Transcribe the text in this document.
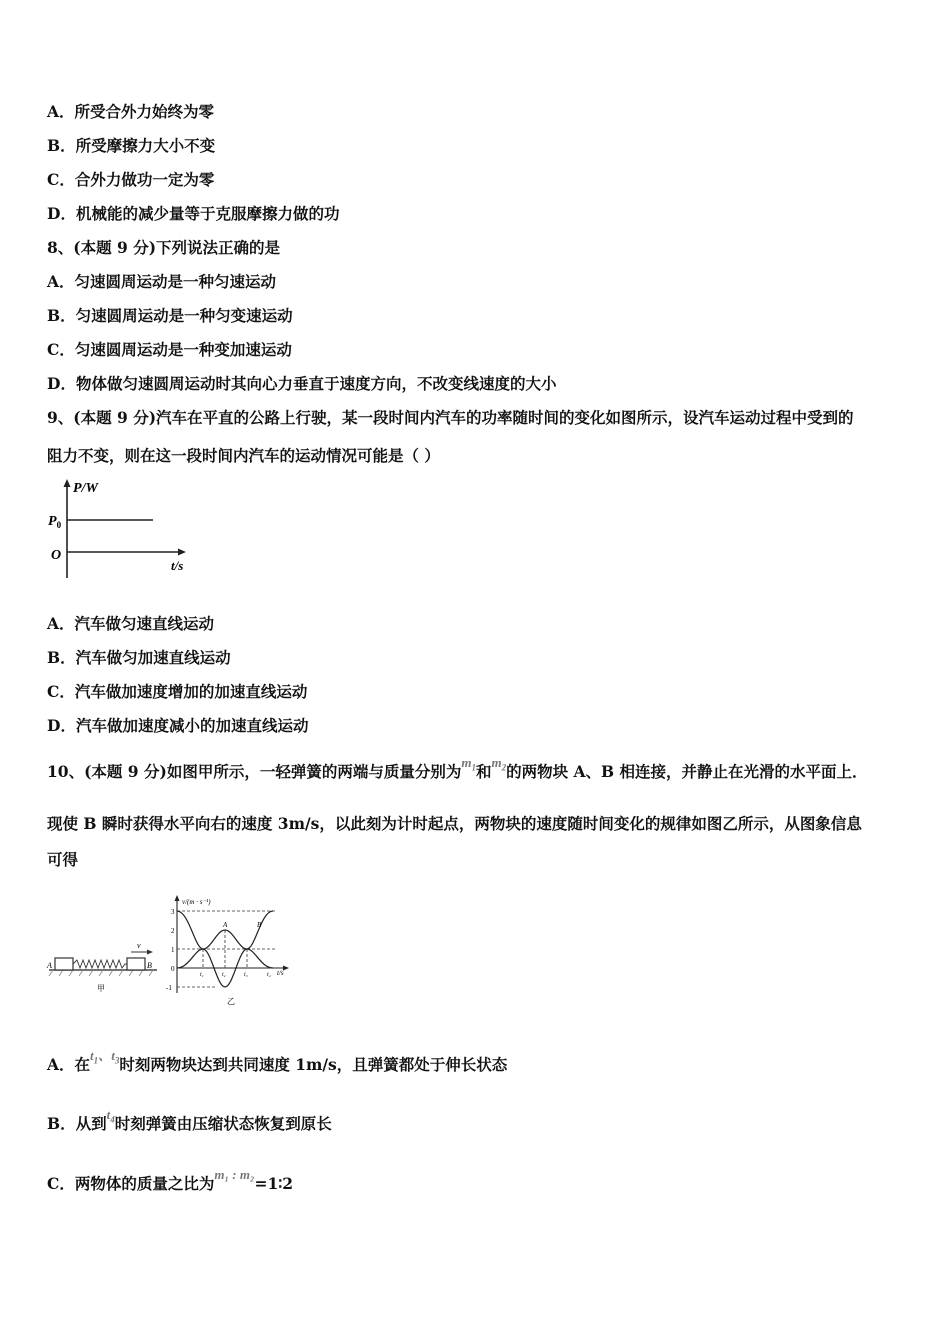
A．所受合外力始终为零
B．所受摩擦力大小不变
C．合外力做功一定为零
D．机械能的减少量等于克服摩擦力做的功
8、(本题 9 分)下列说法正确的是
A．匀速圆周运动是一种匀速运动
B．匀速圆周运动是一种匀变速运动
C．匀速圆周运动是一种变加速运动
D．物体做匀速圆周运动时其向心力垂直于速度方向，不改变线速度的大小
9、(本题 9 分)汽车在平直的公路上行驶，某一段时间内汽车的功率随时间的变化如图所示，设汽车运动过程中受到的
阻力不变，则在这一段时间内汽车的运动情况可能是（ ）
P/W
$P_0$
O
t/s
A．汽车做匀速直线运动
B．汽车做匀加速直线运动
C．汽车做加速度增加的加速直线运动
D．汽车做加速度减小的加速直线运动
10、(本题 9 分)如图甲所示，一轻弹簧的两端与质量分别为$^{m_1}$和$^{m_2}$的两物块 A、B 相连接，并静止在光滑的水平面上．
现使 B 瞬时获得水平向右的速度 3m/s，以此刻为计时起点，两物块的速度随时间变化的规律如图乙所示，从图象信息
可得
A	B
v
甲
v/(m · s⁻¹)
3
2
1
0
-1
t₁	t₂	t₃	t₄ t/s
A	B
乙
A．在$^{t_1、t_3}$时刻两物块达到共同速度 1m/s，且弹簧都处于伸长状态
B．从到$^{t_4}$时刻弹簧由压缩状态恢复到原长
C．两物体的质量之比为$^{m_1 : m_2}$=1∶2
